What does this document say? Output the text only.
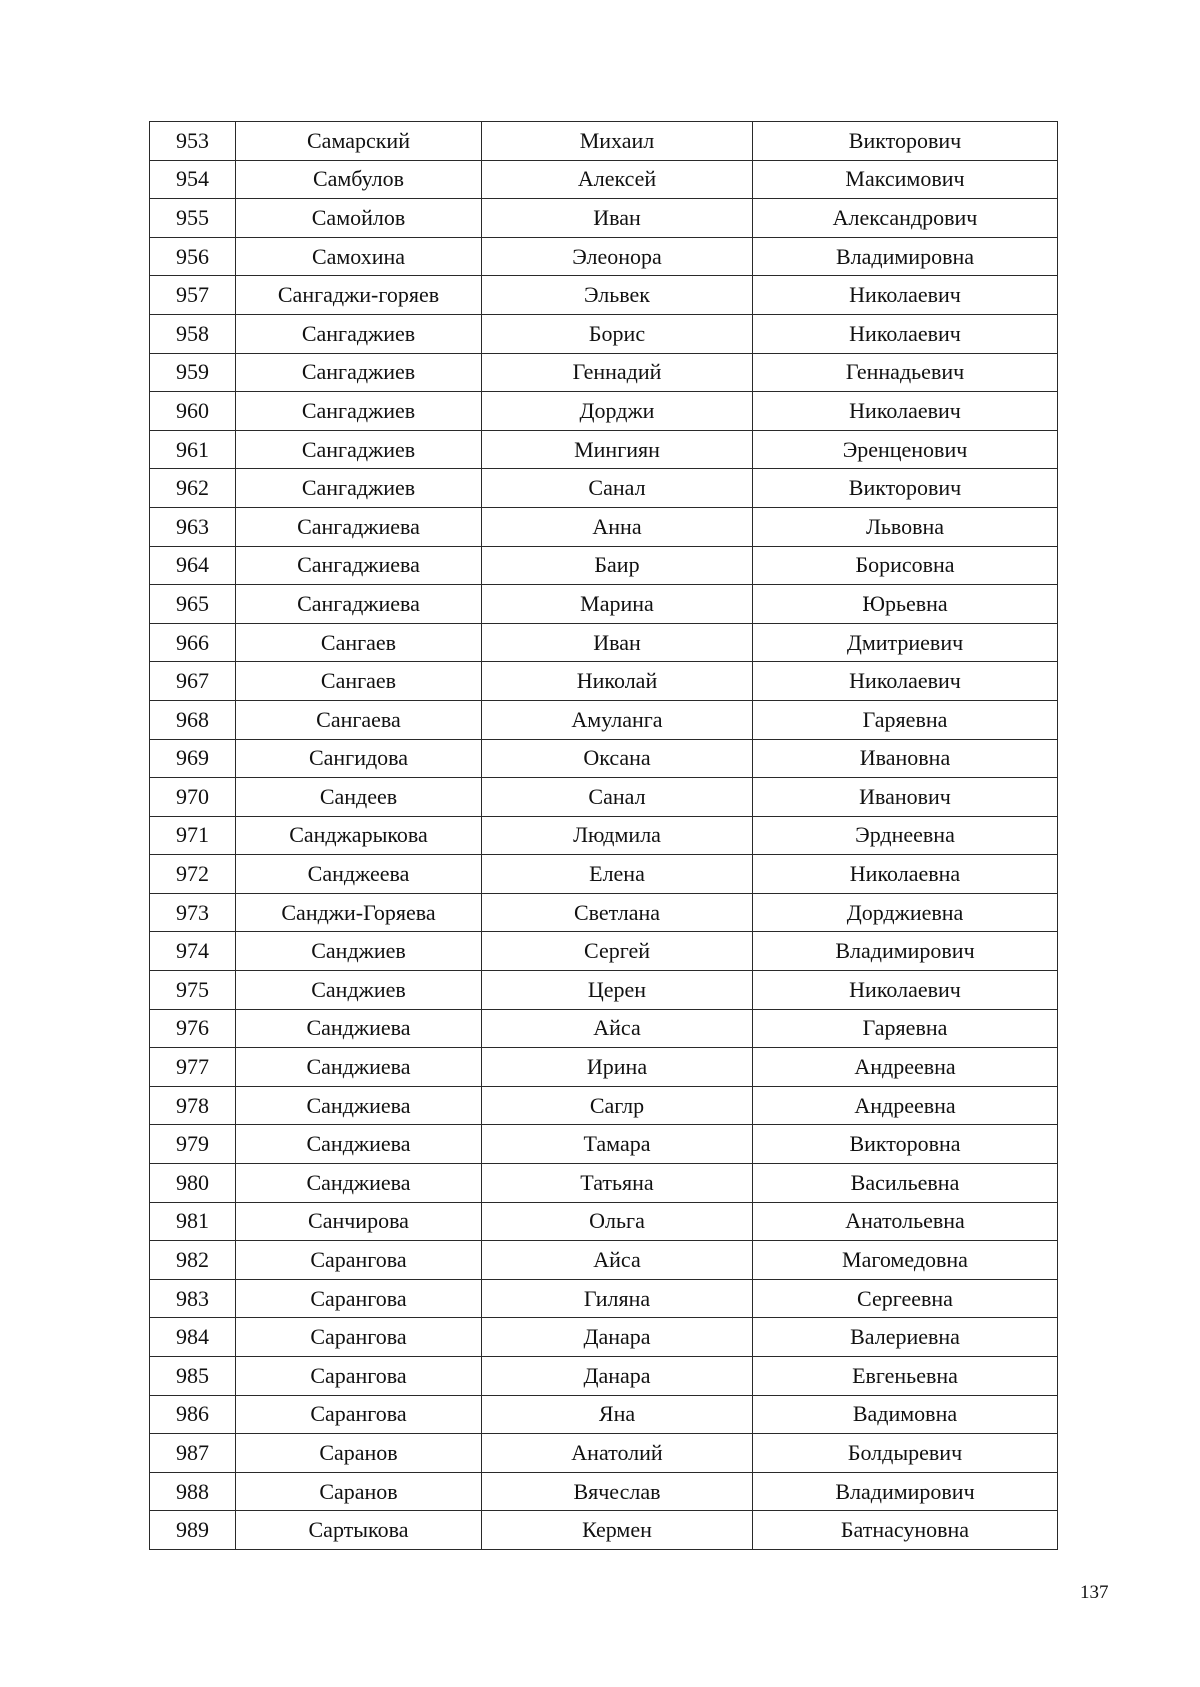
953	Самарский	Михаил	Викторович
954	Самбулов	Алексей	Максимович
955	Самойлов	Иван	Александрович
956	Самохина	Элеонора	Владимировна
957	Сангаджи-горяев	Эльвек	Николаевич
958	Сангаджиев	Борис	Николаевич
959	Сангаджиев	Геннадий	Геннадьевич
960	Сангаджиев	Дорджи	Николаевич
961	Сангаджиев	Мингиян	Эренценович
962	Сангаджиев	Санал	Викторович
963	Сангаджиева	Анна	Львовна
964	Сангаджиева	Баир	Борисовна
965	Сангаджиева	Марина	Юрьевна
966	Сангаев	Иван	Дмитриевич
967	Сангаев	Николай	Николаевич
968	Сангаева	Амуланга	Гаряевна
969	Сангидова	Оксана	Ивановна
970	Сандеев	Санал	Иванович
971	Санджарыкова	Людмила	Эрднеевна
972	Санджеева	Елена	Николаевна
973	Санджи-Горяева	Светлана	Дорджиевна
974	Санджиев	Сергей	Владимирович
975	Санджиев	Церен	Николаевич
976	Санджиева	Айса	Гаряевна
977	Санджиева	Ирина	Андреевна
978	Санджиева	Саглр	Андреевна
979	Санджиева	Тамара	Викторовна
980	Санджиева	Татьяна	Васильевна
981	Санчирова	Ольга	Анатольевна
982	Сарангова	Айса	Магомедовна
983	Сарангова	Гиляна	Сергеевна
984	Сарангова	Данара	Валериевна
985	Сарангова	Данара	Евгеньевна
986	Сарангова	Яна	Вадимовна
987	Саранов	Анатолий	Болдыревич
988	Саранов	Вячеслав	Владимирович
989	Сартыкова	Кермен	Батнасуновна
137
